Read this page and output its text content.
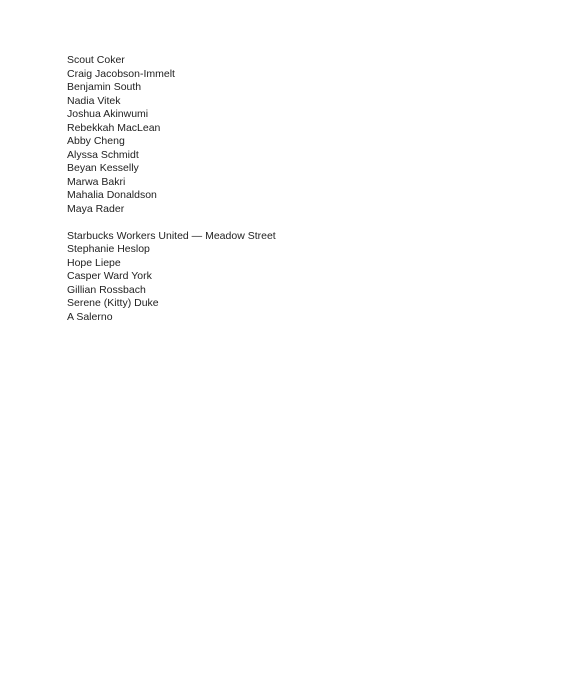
Scout Coker
Craig Jacobson-Immelt
Benjamin South
Nadia Vitek
Joshua Akinwumi
Rebekkah MacLean
Abby Cheng
Alyssa Schmidt
Beyan Kesselly
Marwa Bakri
Mahalia Donaldson
Maya Rader
Starbucks Workers United — Meadow Street
Stephanie Heslop
Hope Liepe
Casper Ward York
Gillian Rossbach
Serene (Kitty) Duke
A Salerno
